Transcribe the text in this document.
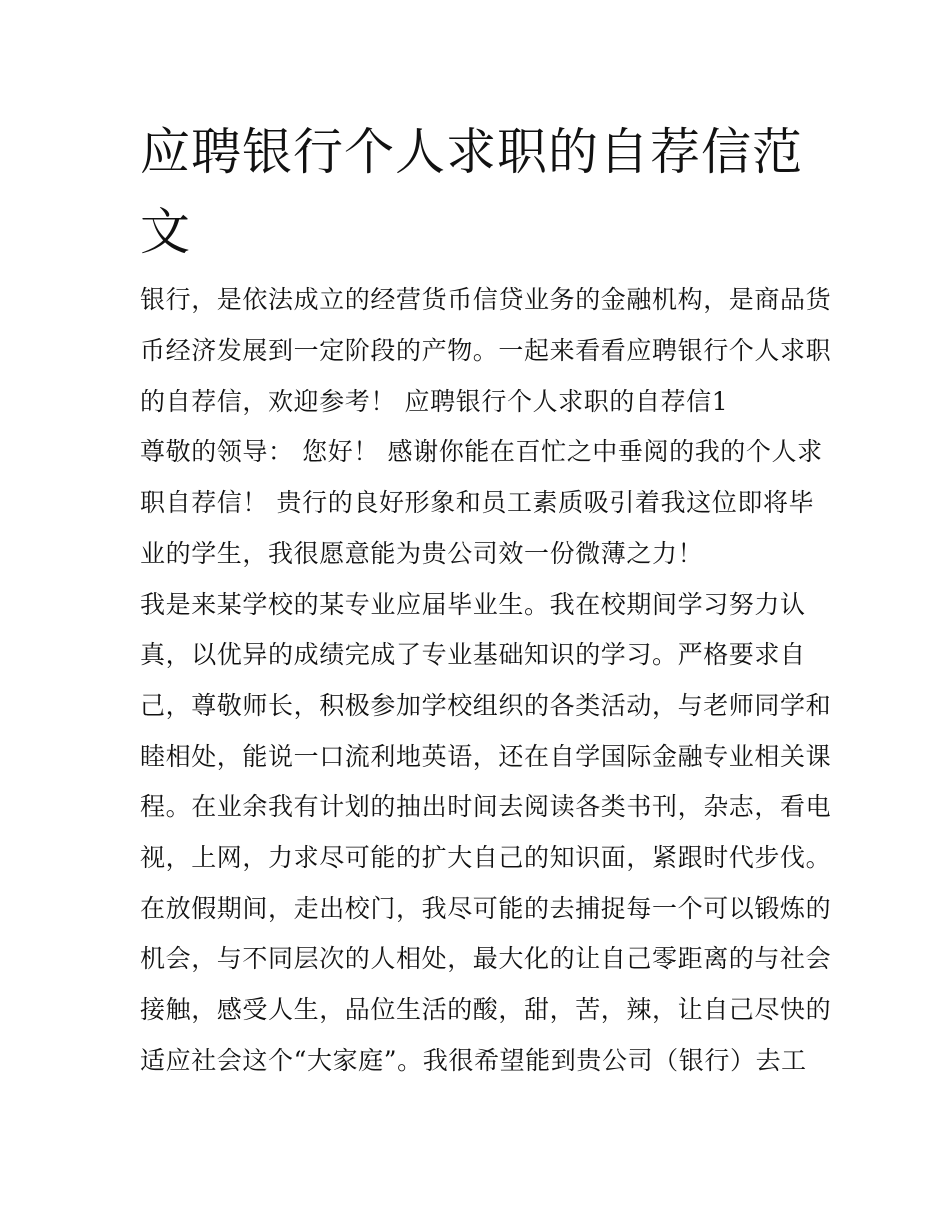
应聘银行个人求职的自荐信范
文

银行，是依法成立的经营货币信贷业务的金融机构，是商品货

币经济发展到一定阶段的产物。一起来看看应聘银行个人求职

的自荐信，欢迎参考！ 应聘银行个人求职的自荐信1

尊敬的领导： 您好！ 感谢你能在百忙之中垂阅的我的个人求

职自荐信！ 贵行的良好形象和员工素质吸引着我这位即将毕

业的学生，我很愿意能为贵公司效一份微薄之力！

我是来某学校的某专业应届毕业生。我在校期间学习努力认

真，以优异的成绩完成了专业基础知识的学习。严格要求自

己，尊敬师长，积极参加学校组织的各类活动，与老师同学和

睦相处，能说一口流利地英语，还在自学国际金融专业相关课

程。在业余我有计划的抽出时间去阅读各类书刊，杂志，看电

视，上网，力求尽可能的扩大自己的知识面，紧跟时代步伐。

在放假期间，走出校门，我尽可能的去捕捉每一个可以锻炼的

机会，与不同层次的人相处，最大化的让自己零距离的与社会

接触，感受人生，品位生活的酸，甜，苦，辣，让自己尽快的

适应社会这个“大家庭”。我很希望能到贵公司（银行）去工
